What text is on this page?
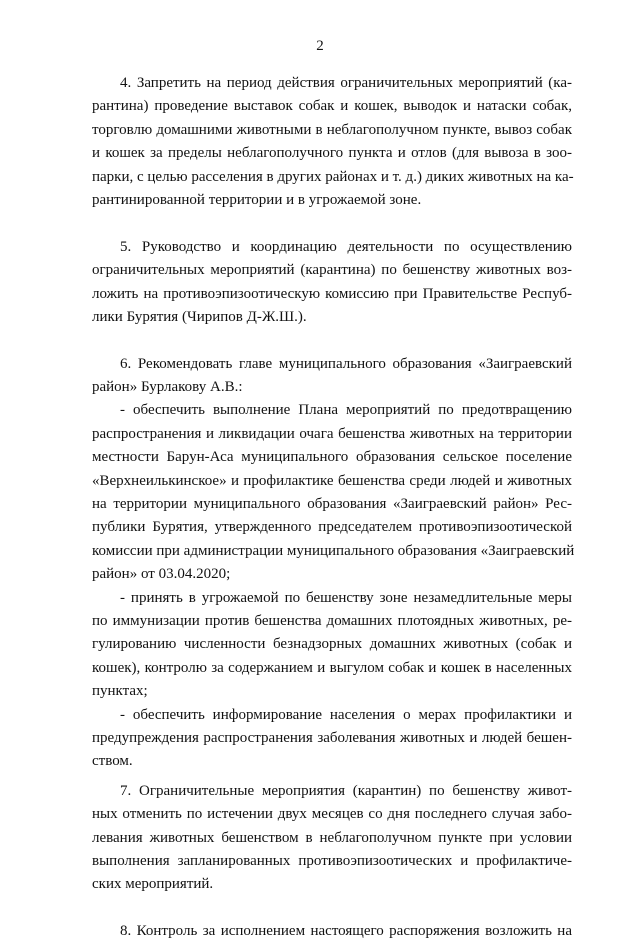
2
4. Запретить на период действия ограничительных мероприятий (ка-
рантина) проведение выставок собак и кошек, выводок и натаски собак,
торговлю домашними животными в неблагополучном пункте, вывоз собак
и кошек за пределы неблагополучного пункта и отлов (для вывоза в зоо-
парки, с целью расселения в других районах и т. д.) диких животных на ка-
рантинированной территории и в угрожаемой зоне.
5. Руководство и координацию деятельности по осуществлению
ограничительных мероприятий (карантина) по бешенству животных воз-
ложить на противоэпизоотическую комиссию при Правительстве Респуб-
лики Бурятия (Чирипов Д-Ж.Ш.).
6. Рекомендовать главе муниципального образования «Заиграевский
район» Бурлакову А.В.:
- обеспечить выполнение Плана мероприятий по предотвращению
распространения и ликвидации очага бешенства животных на территории
местности Барун-Аса муниципального образования сельское поселение
«Верхнеилькинское» и профилактике бешенства среди людей и животных
на территории муниципального образования «Заиграевский район» Рес-
публики Бурятия, утвержденного председателем противоэпизоотической
комиссии при администрации муниципального образования «Заиграевский
район» от 03.04.2020;
- принять в угрожаемой по бешенству зоне незамедлительные меры
по иммунизации против бешенства домашних плотоядных животных, ре-
гулированию численности безнадзорных домашних животных (собак и
кошек), контролю за содержанием и выгулом собак и кошек в населенных
пунктах;
- обеспечить информирование населения о мерах профилактики и
предупреждения распространения заболевания животных и людей бешен-
ством.
7. Ограничительные мероприятия (карантин) по бешенству живот-
ных отменить по истечении двух месяцев со дня последнего случая забо-
левания животных бешенством в неблагополучном пункте при условии
выполнения запланированных противоэпизоотических и профилактиче-
ских мероприятий.
8. Контроль за исполнением настоящего распоряжения возложить на
